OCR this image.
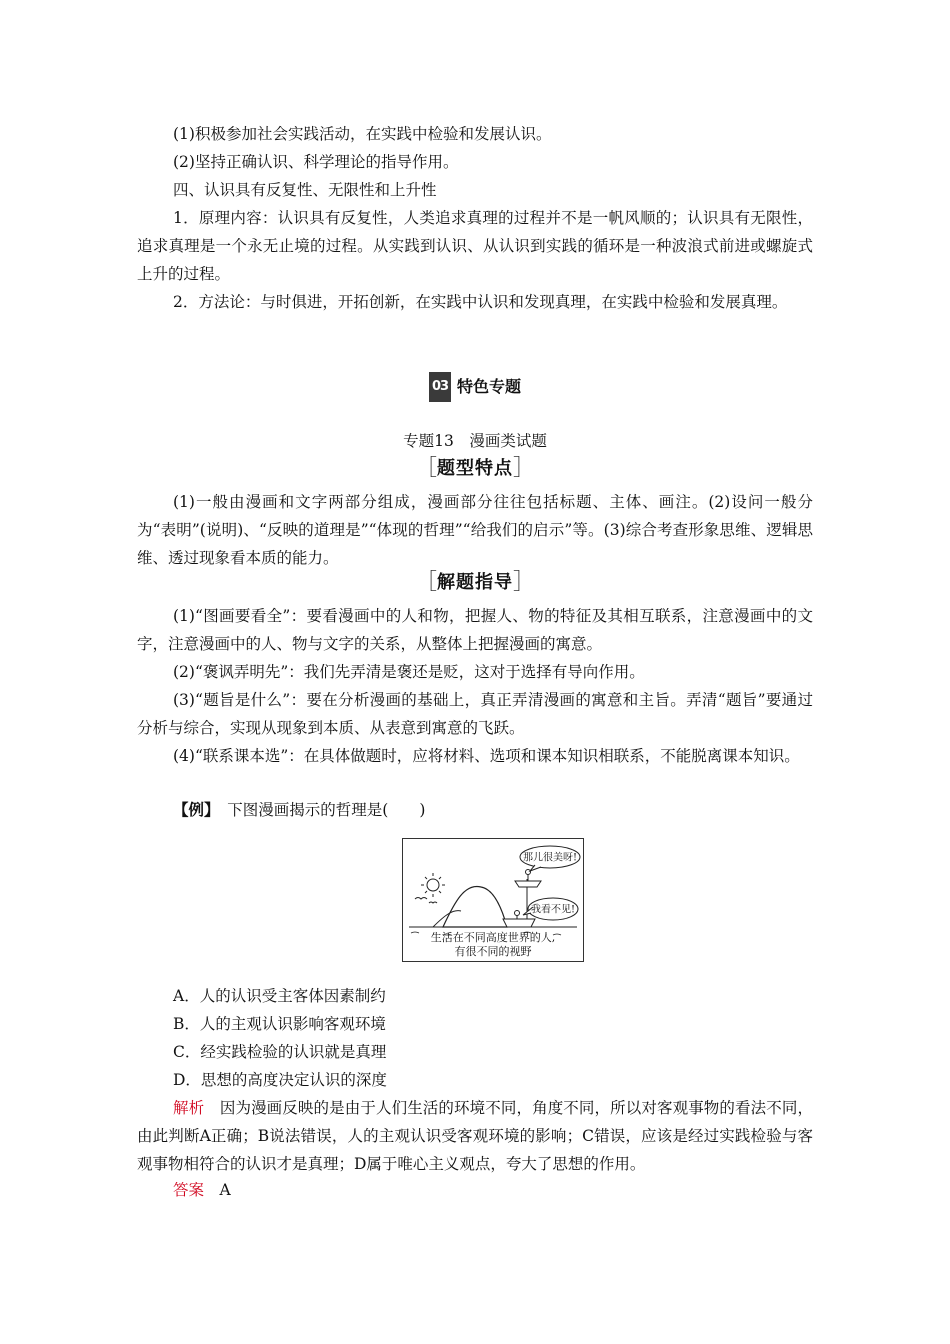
(1)积极参加社会实践活动，在实践中检验和发展认识。

(2)坚持正确认识、科学理论的指导作用。

四、认识具有反复性、无限性和上升性

1．原理内容：认识具有反复性，人类追求真理的过程并不是一帆风顺的；认识具有无限性，追求真理是一个永无止境的过程。从实践到认识、从认识到实践的循环是一种波浪式前进或螺旋式上升的过程。

2．方法论：与时俱进，开拓创新，在实践中认识和发现真理，在实践中检验和发展真理。

03 特色专题
专题13　漫画类试题
［题型特点］

(1)一般由漫画和文字两部分组成，漫画部分往往包括标题、主体、画注。(2)设问一般分为“表明”(说明)、“反映的道理是”“体现的哲理”“给我们的启示”等。(3)综合考查形象思维、逻辑思维、透过现象看本质的能力。

［解题指导］

(1)“图画要看全”：要看漫画中的人和物，把握人、物的特征及其相互联系，注意漫画中的文字，注意漫画中的人、物与文字的关系，从整体上把握漫画的寓意。

(2)“褒讽弄明先”：我们先弄清是褒还是贬，这对于选择有导向作用。

(3)“题旨是什么”：要在分析漫画的基础上，真正弄清漫画的寓意和主旨。弄清“题旨”要通过分析与综合，实现从现象到本质、从表意到寓意的飞跃。

(4)“联系课本选”：在具体做题时，应将材料、选项和课本知识相联系，不能脱离课本知识。

【例】　下图漫画揭示的哲理是(　　)

那儿很美呀!
我看不见!
生活在不同高度世界的人,
有很不同的视野

A．人的认识受主客体因素制约

B．人的主观认识影响客观环境

C．经实践检验的认识就是真理

D．思想的高度决定认识的深度

解析　因为漫画反映的是由于人们生活的环境不同，角度不同，所以对客观事物的看法不同，由此判断A正确；B说法错误，人的主观认识受客观环境的影响；C错误，应该是经过实践检验与客观事物相符合的认识才是真理；D属于唯心主义观点，夸大了思想的作用。

答案　A
